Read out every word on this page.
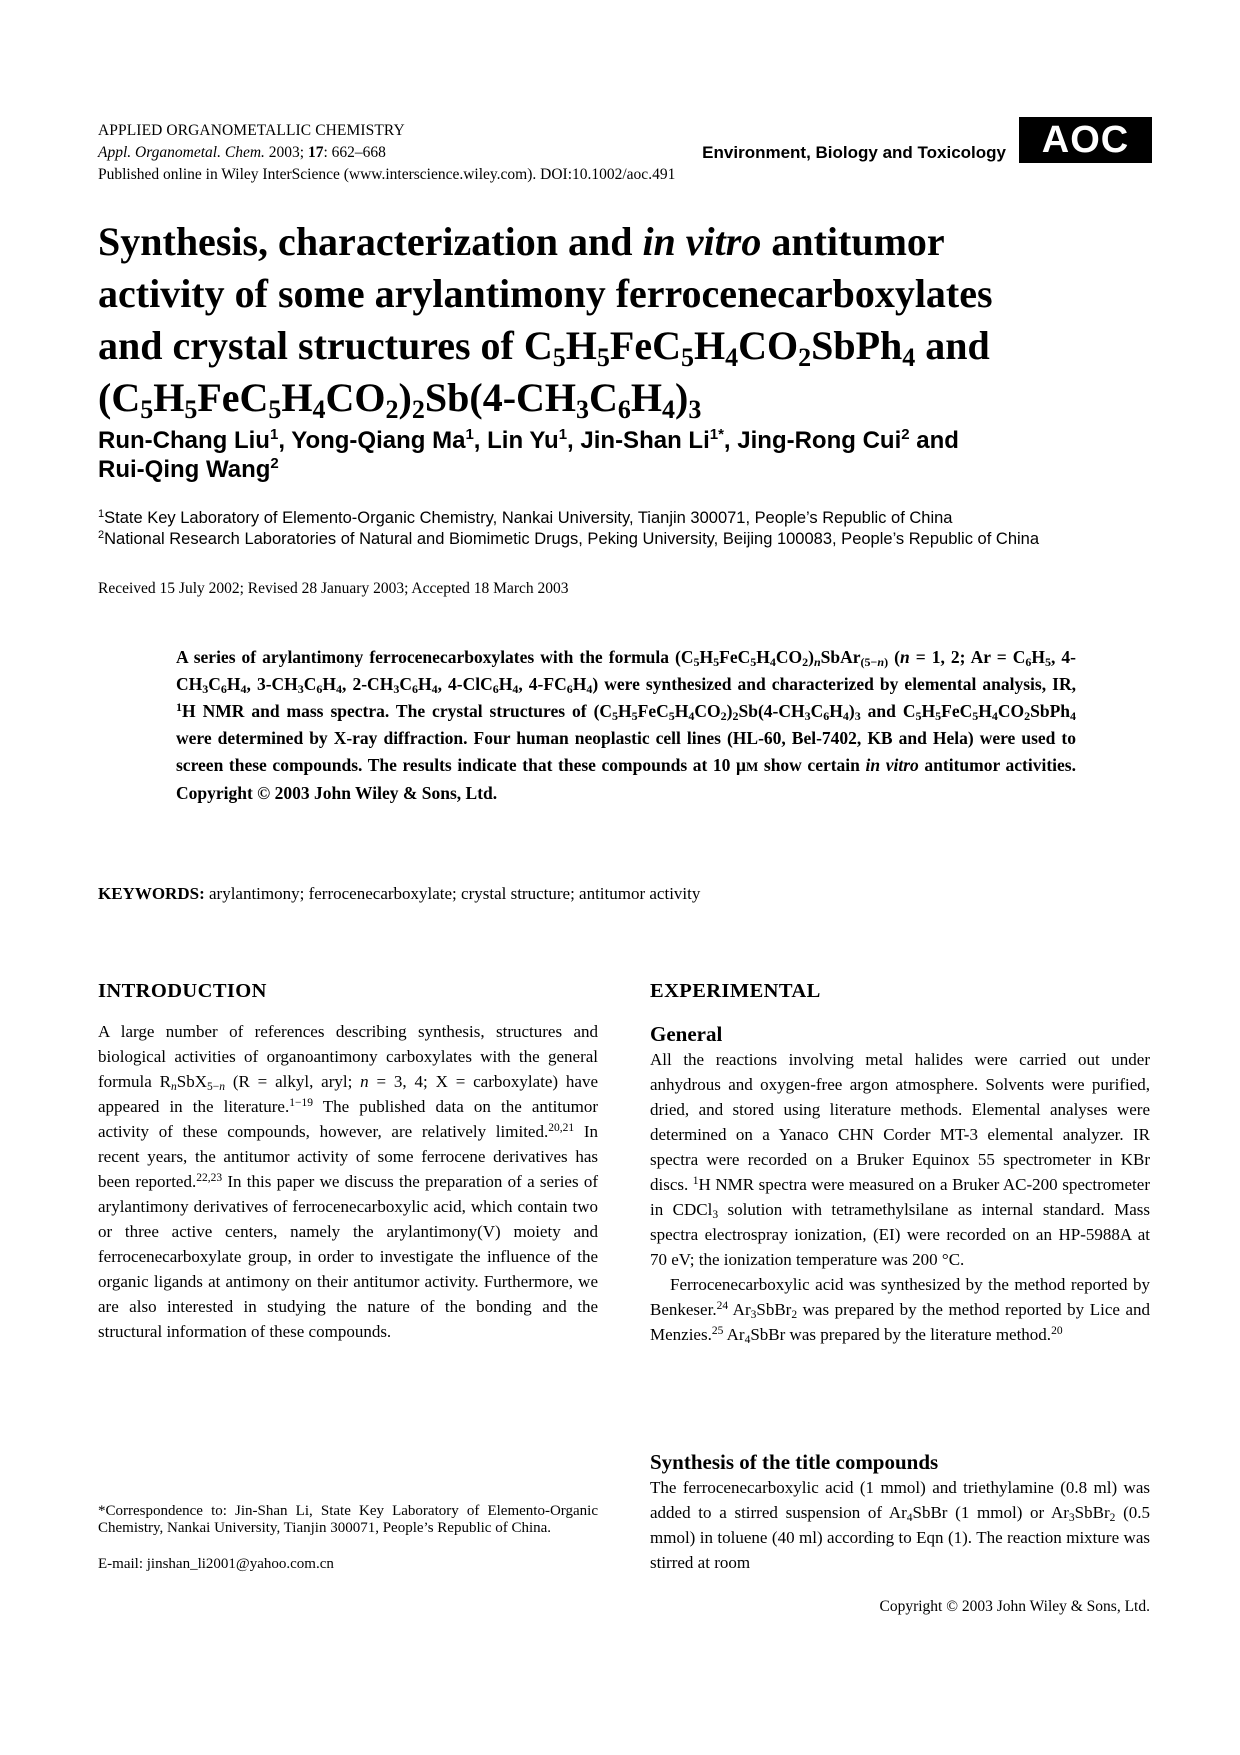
APPLIED ORGANOMETALLIC CHEMISTRY
Appl. Organometal. Chem. 2003; 17: 662–668
Published online in Wiley InterScience (www.interscience.wiley.com). DOI:10.1002/aoc.491
Environment, Biology and Toxicology AOC
Synthesis, characterization and in vitro antitumor
activity of some arylantimony ferrocenecarboxylates
and crystal structures of $C_5H_5FeC_5H_4CO_2SbPh_4$ and
$(C_5H_5FeC_5H_4CO_2)_2Sb(4-CH_3C_6H_4)_3$
Run-Chang Liu$^1$, Yong-Qiang Ma$^1$, Lin Yu$^1$, Jin-Shan $Li^{1*}$, Jing-Rong Cui$^2$ and
Rui-Qing Wang$^2$
$^1$State Key Laboratory of Elemento-Organic Chemistry, Nankai University, Tianjin 300071, People’s Republic of China
$^2$National Research Laboratories of Natural and Biomimetic Drugs, Peking University, Beijing 100083, People’s Republic of China
Received 15 July 2002; Revised 28 January 2003; Accepted 18 March 2003
A series of arylantimony ferrocenecarboxylates with the formula $(C_5H_5FeC_5H_4CO_2)_nSbAr_{(5-n)}$ (n = 1, 2; $Ar = C_6H_5$, $4-CH_3C_6H_4$, $3-CH_3C_6H_4$, $2-CH_3C_6H_4$, $4-ClC_6H_4$, $4-FC_6H_4$) were synthesized and characterized by elemental analysis, IR, $^1$H NMR and mass spectra. The crystal structures of $(C_5H_5FeC_5H_4CO_2)_2Sb(4-CH_3C_6H_4)_3$ and $C_5H_5FeC_5H_4CO_2SbPh_4$ were determined by X-ray diffraction. Four human neoplastic cell lines (HL-60, Bel-7402, KB and Hela) were used to screen these compounds. The results indicate that these compounds at 10 μM show certain in vitro antitumor activities. Copyright © 2003 John Wiley & Sons, Ltd.
KEYWORDS: arylantimony; ferrocenecarboxylate; crystal structure; antitumor activity
INTRODUCTION
A large number of references describing synthesis, structures and biological activities of organoantimony carboxylates with the general formula $R_nSbX_{5-n}$ (R = alkyl, aryl; n = 3, 4; X = carboxylate) have appeared in the literature.$^{1-19}$ The published data on the antitumor activity of these compounds, however, are relatively limited.$^{20,21}$ In recent years, the antitumor activity of some ferrocene derivatives has been reported.$^{22,23}$ In this paper we discuss the preparation of a series of arylantimony derivatives of ferrocenecarboxylic acid, which contain two or three active centers, namely the arylantimony(V) moiety and ferrocenecarboxylate group, in order to investigate the influence of the organic ligands at antimony on their antitumor activity. Furthermore, we are also interested in studying the nature of the bonding and the structural information of these compounds.
EXPERIMENTAL
General
All the reactions involving metal halides were carried out under anhydrous and oxygen-free argon atmosphere. Solvents were purified, dried, and stored using literature methods. Elemental analyses were determined on a Yanaco CHN Corder MT-3 elemental analyzer. IR spectra were recorded on a Bruker Equinox 55 spectrometer in KBr discs. $^1$H NMR spectra were measured on a Bruker AC-200 spectrometer in CDCl$_3$ solution with tetramethylsilane as internal standard. Mass spectra electrospray ionization, (EI) were recorded on an HP-5988A at 70 eV; the ionization temperature was 200 °C.
Ferrocenecarboxylic acid was synthesized by the method reported by Benkeser.$^{24}$ $Ar_3SbBr_2$ was prepared by the method reported by Lice and Menzies.$^{25}$ $Ar_4SbBr$ was prepared by the literature method.$^{20}$
Synthesis of the title compounds
The ferrocenecarboxylic acid (1 mmol) and triethylamine (0.8 ml) was added to a stirred suspension of $Ar_4SbBr$ (1 mmol) or $Ar_3SbBr_2$ (0.5 mmol) in toluene (40 ml) according to Eqn (1). The reaction mixture was stirred at room
*Correspondence to: Jin-Shan Li, State Key Laboratory of Elemento-Organic Chemistry, Nankai University, Tianjin 300071, People’s Republic of China.
E-mail: jinshan_li2001@yahoo.com.cn
Copyright © 2003 John Wiley & Sons, Ltd.
